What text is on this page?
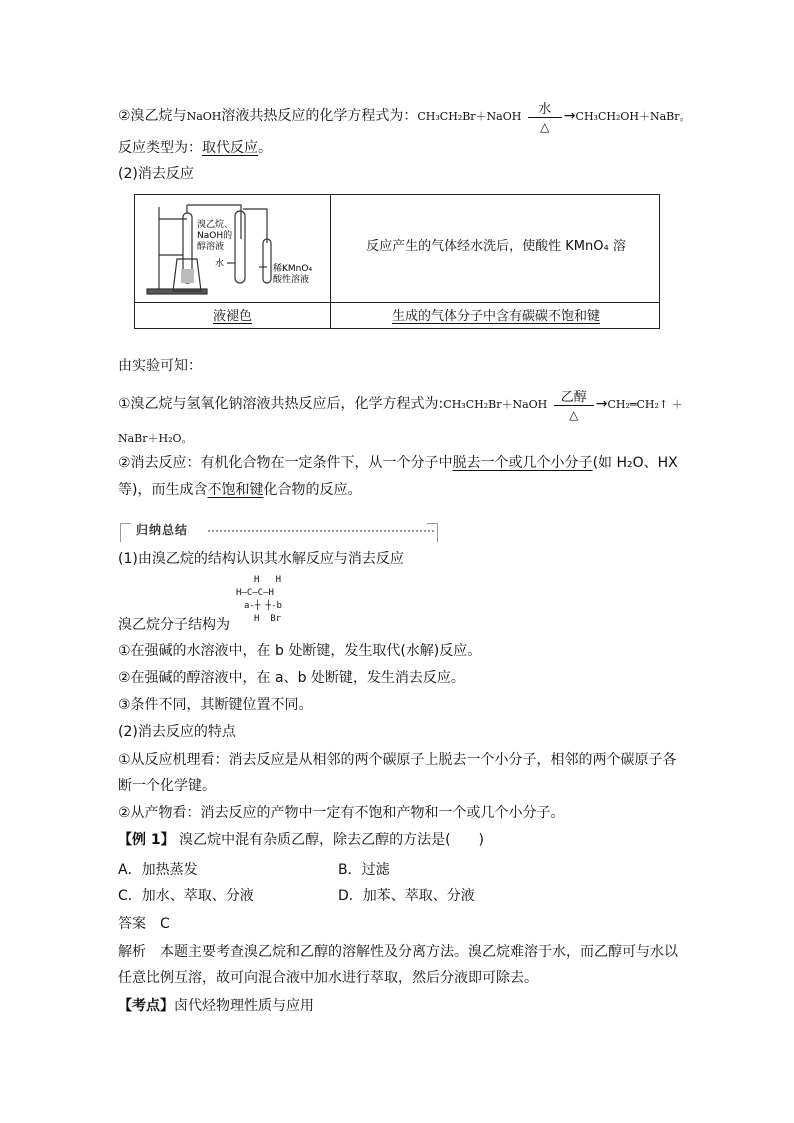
②溴乙烷与NaOH溶液共热反应的化学方程式为：CH₃CH₂Br＋NaOH	水
△
→CH₃CH₂OH＋NaBr。
反应类型为：取代反应。
(2)消去反应
溴乙烷、
NaOH的
醇溶液
水	稀KMnO₄
酸性溶液
反应产生的气体经水洗后，使酸性 KMnO₄ 溶
液褪色	生成的气体分子中含有碳碳不饱和键
由实验可知：
①溴乙烷与氢氧化钠溶液共热反应后，化学方程式为:CH₃CH₂Br＋NaOH	乙醇
△
→CH₂═CH₂↑ ＋
NaBr＋H₂O。
②消去反应：有机化合物在一定条件下，从一个分子中脱去一个或几个小分子(如 H₂O、HX
等)，而生成含不饱和键化合物的反应。
归纳总结
(1)由溴乙烷的结构认识其水解反应与消去反应

H   H

H—C—C—H

a-┼ ┼-b

H  Br

溴乙烷分子结构为
①在强碱的水溶液中，在 b 处断键，发生取代(水解)反应。
②在强碱的醇溶液中，在 a、b 处断键，发生消去反应。
③条件不同，其断键位置不同。
(2)消去反应的特点
①从反应机理看：消去反应是从相邻的两个碳原子上脱去一个小分子，相邻的两个碳原子各
断一个化学键。
②从产物看：消去反应的产物中一定有不饱和产物和一个或几个小分子。
【例 1】 溴乙烷中混有杂质乙醇，除去乙醇的方法是(　　)
A．加热蒸发	B．过滤
C．加水、萃取、分液	D．加苯、萃取、分液
答案　C
解析　本题主要考查溴乙烷和乙醇的溶解性及分离方法。溴乙烷难溶于水，而乙醇可与水以
任意比例互溶，故可向混合液中加水进行萃取，然后分液即可除去。
【考点】卤代烃物理性质与应用
